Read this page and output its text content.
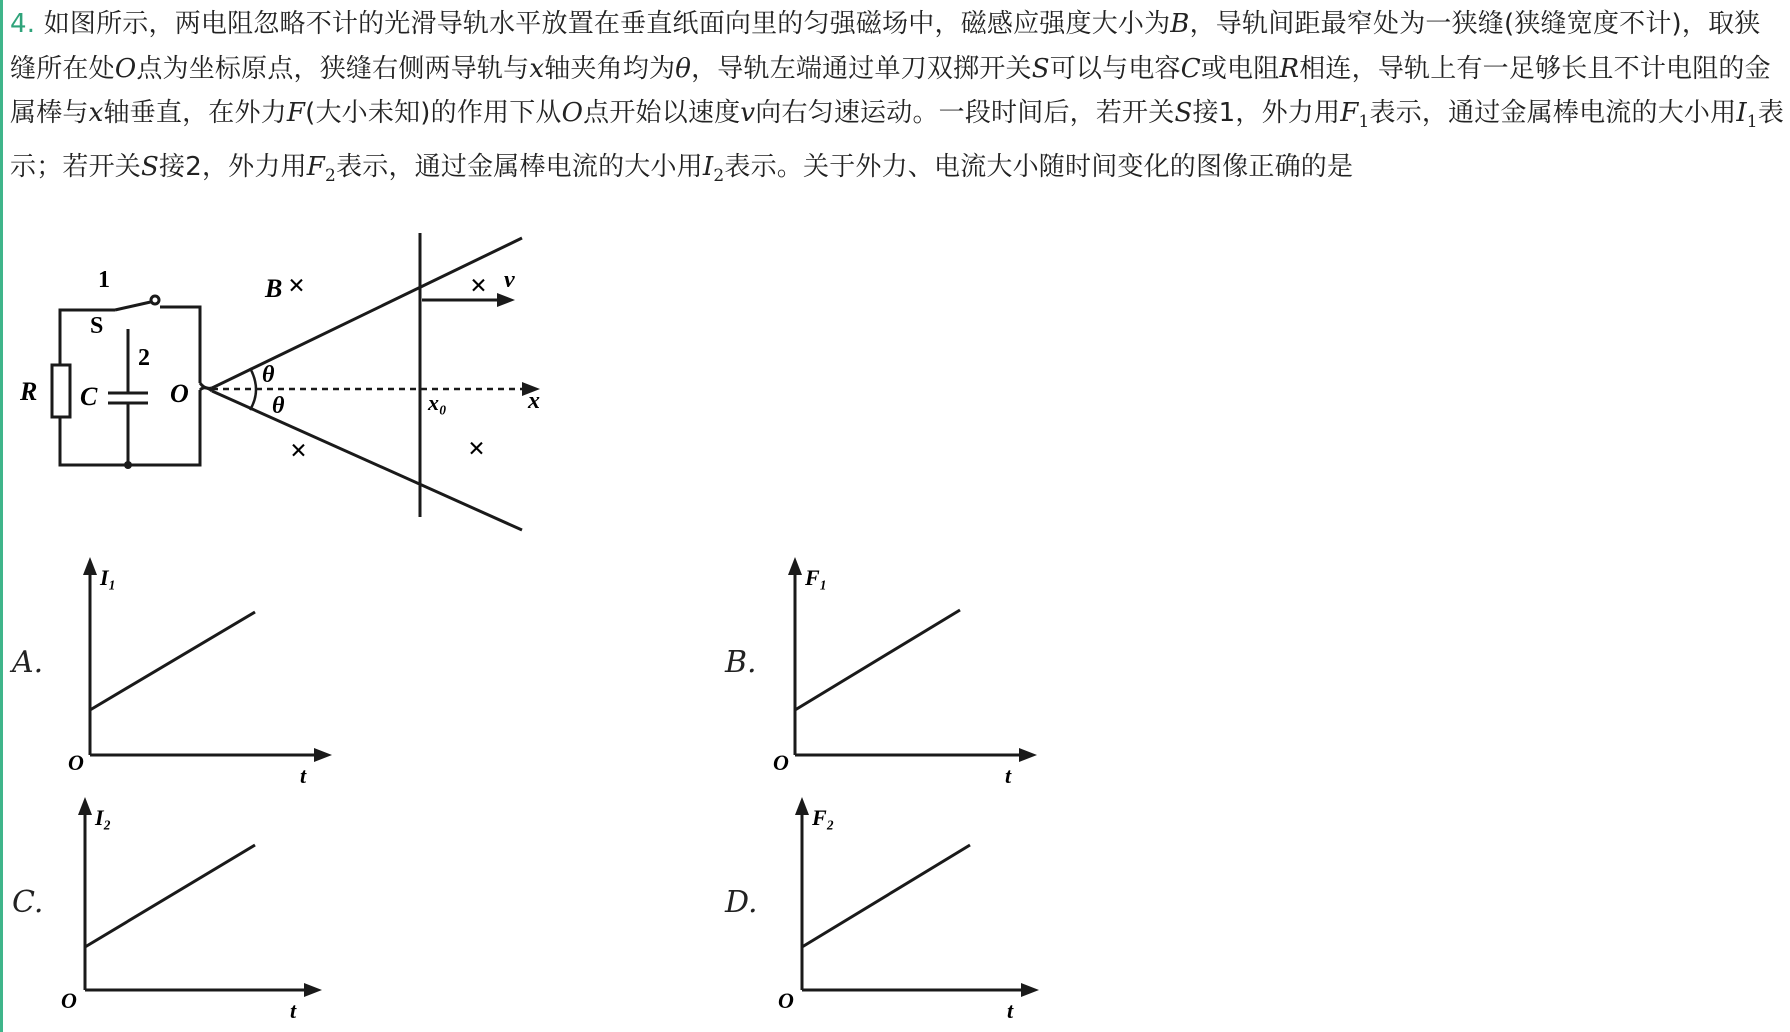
4. 如图所示，两电阻忽略不计的光滑导轨水平放置在垂直纸面向里的匀强磁场中，磁感应强度大小为B，导轨间距最窄处为一狭缝(狭缝宽度不计)，取狭缝所在处O点为坐标原点，狭缝右侧两导轨与x轴夹角均为θ，导轨左端通过单刀双掷开关S可以与电容C或电阻R相连，导轨上有一足够长且不计电阻的金属棒与x轴垂直，在外力F(大小未知)的作用下从O点开始以速度v向右匀速运动。一段时间后，若开关S接1，外力用$F_1$表示，通过金属棒电流的大小用$I_1$表示；若开关S接2，外力用$F_2$表示，通过金属棒电流的大小用$I_2$表示。关于外力、电流大小随时间变化的图像正确的是
R C
S
1
2
O
B ×	×
×	×
θ
θ	x₀	x
v
A.
I₁
t
O
B.
F₁
t
O
C.
I₂
t
O
D.
F₂
t
O
